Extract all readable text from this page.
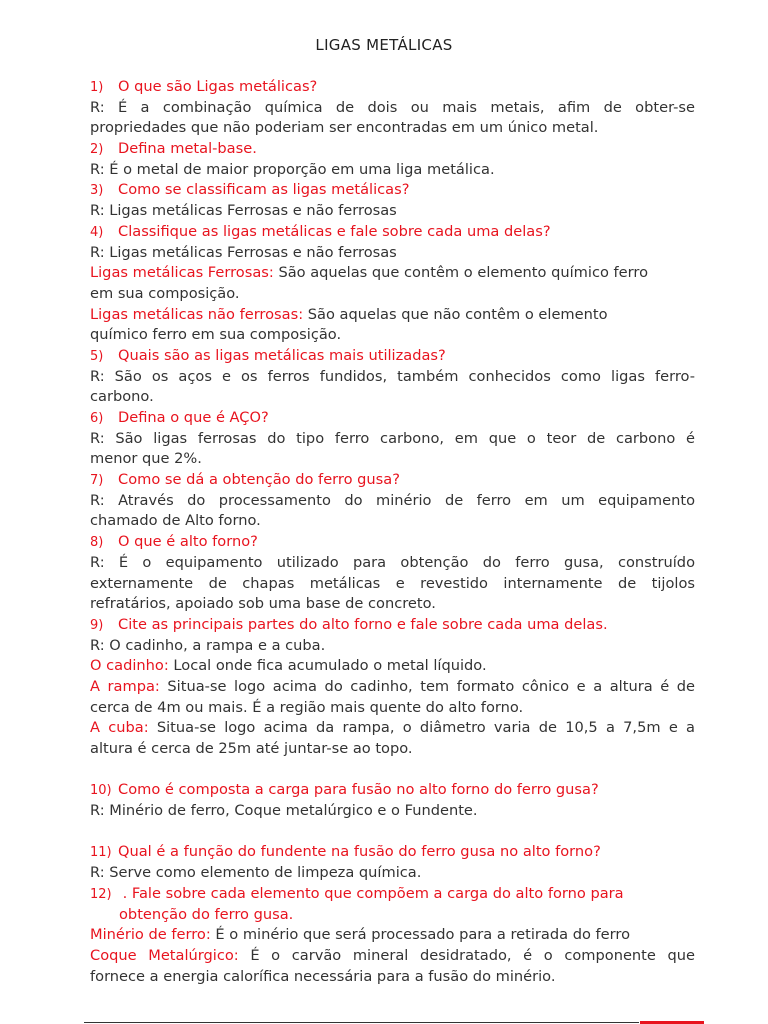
LIGAS METÁLICAS
1) O que são Ligas metálicas?
R: É a combinação química de dois ou mais metais, afim de obter-se
propriedades que não poderiam ser encontradas em um único metal.
2) Defina metal-base.
R: É o metal de maior proporção em uma liga metálica.
3) Como se classificam as ligas metálicas?
R: Ligas metálicas Ferrosas e não ferrosas
4) Classifique as ligas metálicas e fale sobre cada uma delas?
R: Ligas metálicas Ferrosas e não ferrosas
Ligas metálicas Ferrosas: São aquelas que contêm o elemento químico ferro
em sua composição.
Ligas metálicas não ferrosas: São aquelas que não contêm o elemento
químico ferro em sua composição.
5) Quais são as ligas metálicas mais utilizadas?
R: São os aços e os ferros fundidos, também conhecidos como ligas ferro-
carbono.
6) Defina o que é AÇO?
R: São ligas ferrosas do tipo ferro carbono, em que o teor de carbono é
menor que 2%.
7) Como se dá a obtenção do ferro gusa?
R: Através do processamento do minério de ferro em um equipamento
chamado de Alto forno.
8) O que é alto forno?
R: É o equipamento utilizado para obtenção do ferro gusa, construído
externamente de chapas metálicas e revestido internamente de tijolos
refratários, apoiado sob uma base de concreto.
9) Cite as principais partes do alto forno e fale sobre cada uma delas.
R: O cadinho, a rampa e a cuba.
O cadinho: Local onde fica acumulado o metal líquido.
A rampa: Situa-se logo acima do cadinho, tem formato cônico e a altura é de
cerca de 4m ou mais. É a região mais quente do alto forno.
A cuba: Situa-se logo acima da rampa, o diâmetro varia de 10,5 a 7,5m e a
altura é cerca de 25m até juntar-se ao topo.
10) Como é composta a carga para fusão no alto forno do ferro gusa?
R: Minério de ferro, Coque metalúrgico e o Fundente.
11) Qual é a função do fundente na fusão do ferro gusa no alto forno?
R: Serve como elemento de limpeza química.
12) . Fale sobre cada elemento que compõem a carga do alto forno para
obtenção do ferro gusa.
Minério de ferro: É o minério que será processado para a retirada do ferro
Coque Metalúrgico: É o carvão mineral desidratado, é o componente que
fornece a energia calorífica necessária para a fusão do minério.
